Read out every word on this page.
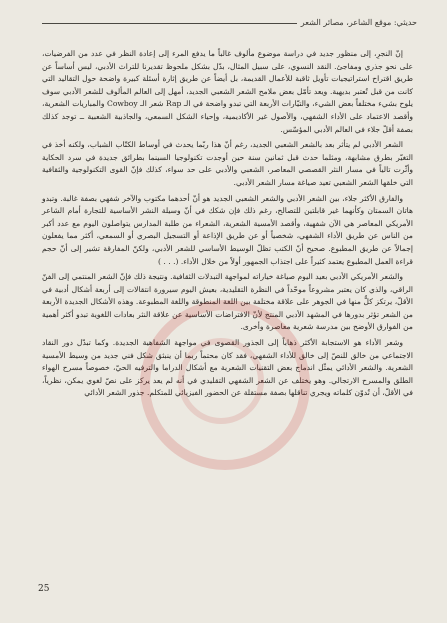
حديثي: موقع الشاعر، مصائر الشعر

إنّ النجرِ، إلى منظور جديد في دراسة موضوع مألوف غالباً ما يدفع المرء إلى إعادة النظر في عدد من الفرضيات، على نحو جذري ومفاجئ. النقد النسوي، على سبيل المثال، بدّل بشكل ملحوظ تقديرنا للتراث الأدبي، ليس أساساً عن طريق اقتراح استراتيجيات تأويل ثاقبة للأعمال القديمة، بل أيضاً عن طريق إثارة أسئلة كبيرة واضحة حول التقاليد التي كانت من قبل تُعتبر بديهية. ويعد تأمّل بعض ملامح الشعر الشعبي الجديد، أمهل إلى العالم المألوف للشعر الأدبي سوف يلوح بشيء مختلفاً بعض الشيء، والتيّارات الأربعة التي تبدو واضحة في الـ Rap شعر الـ Cowboy والمباريات الشعرية، وأقصد الاعتماد على الأداء الشفهي، والأصول غير الأكاديمية، وإحياء الشكل السمعي، والجاذبية الشعبية ــ توجد كذلك بصفة أقلّ جلاء في العالم الأدبي المؤسّس.

الشعر الأدبي لم يتأثر بعد بالشعر الشعبي الجديد، رغم أنّ هذا ربّما يحدث في أوساط الكتّاب الشباب، ولكنه أخذ في التغيّر بطرق مشابهة، ومثلما حدث قبل ثمانين سنة حين أوجدت تكنولوجيا السينما بطرائق جديدة في سرد الحكاية وأثّرت تالياً في مسار النثر القصصي المعاصر، الشعبي والأدبي على حد سواء، كذلك فإنّ القوى التكنولوجية والثقافية التي خلقها الشعر الشعبي تعيد صياغة مسار الشعر الأدبي.

والفارق الأكثر جلاء، بين الشعر الأدبي والشعر الشعبي الجديد هو أنّ أحدهما مكتوب والآخر شفهي بصفة غالبة. وتبدو هاتان السمتان وكأنهما غير قابلتين للتصالح، رغم ذلك فإن شكك في أنّ وسيلة النشر الأساسية للتجارة أمام الشاعر الأمريكي المعاصر هي الآن شفهية، وأقصد الأمسية الشعرية، الشعراء من طلبة المدارس يتواصلون اليوم مع عدد أكبر من الناس عن طريق الأداء الشفهي، شخصياً أو عن طريق الإذاعة أو التسجيل البصري أو السمعي، أكثر مما يفعلون إجمالاً عن طريق المطبوع. صحيح أنّ الكتب تظلّ الوسيط الأساسي للشعر الأدبي، ولكنّ المفارقة تشير إلى أنّ حجم قراءة العمل المطبوع يعتمد كثيراً على اجتذاب الجمهور أولاً من خلال الأداء. (. . . )

والشعر الأمريكي الأدبي بعيد اليوم صياغة خياراته لمواجهة التبدلات الثقافية. ونتيجة ذلك فإنّ الشعر المنتمي إلى الفنّ الراقي، والذي كان يعتبر مشروعاً موحّداً في النظرة التقليدية، بعيش اليوم سيرورة انتقالات إلى أربعة أشكال أدبية في الأقلّ، يرتكز كلٌّ منها في الجوهر على علاقة مختلفة بين اللغة المنطوقة واللغة المطبوعة. وهذه الأشكال الجديدة الأربعة من الشعر تؤثر بدورها في المشهد الأدبي المنتج لأنّ الافتراضات الأساسية عن علاقة النثر بعادات اللغوية تبدو أكثر أهمية من الفوارق الأوضح بين مدرسة شعرية معاصرة وأخرى.

وشعر الأداء هو الاستجابة الأكثر ذهاباً إلى الجذور القصوى في مواجهة الشفاهية الجديدة. وكما تبدّل دور النقاد الاجتماعي من خالق للنصّ إلى خالق للأداء الشفهي، فقد كان محتماً ربما أن ينبثق شكل فني جديد من وسيط الأمسية الشعرية. والشعر الأدائي يمثّل اندماج بعض التقنيات الشعرية مع أشكال الدراما والترفيه الحيّ، خصوصاً مسرح الهواء الطلق والمسرح الارتجالي. وهو يختلف عن الشعر الشفهي التقليدي في أنه لم يعد يركز على نصّ لغوي يمكن، نظرياً، في الأقلّ، أن تُدوّن كلماته ويجري تناقلها بصفة مستقلة عن الحضور الفيزيائي للمتكلم. جذور الشعر الأدائي

25
